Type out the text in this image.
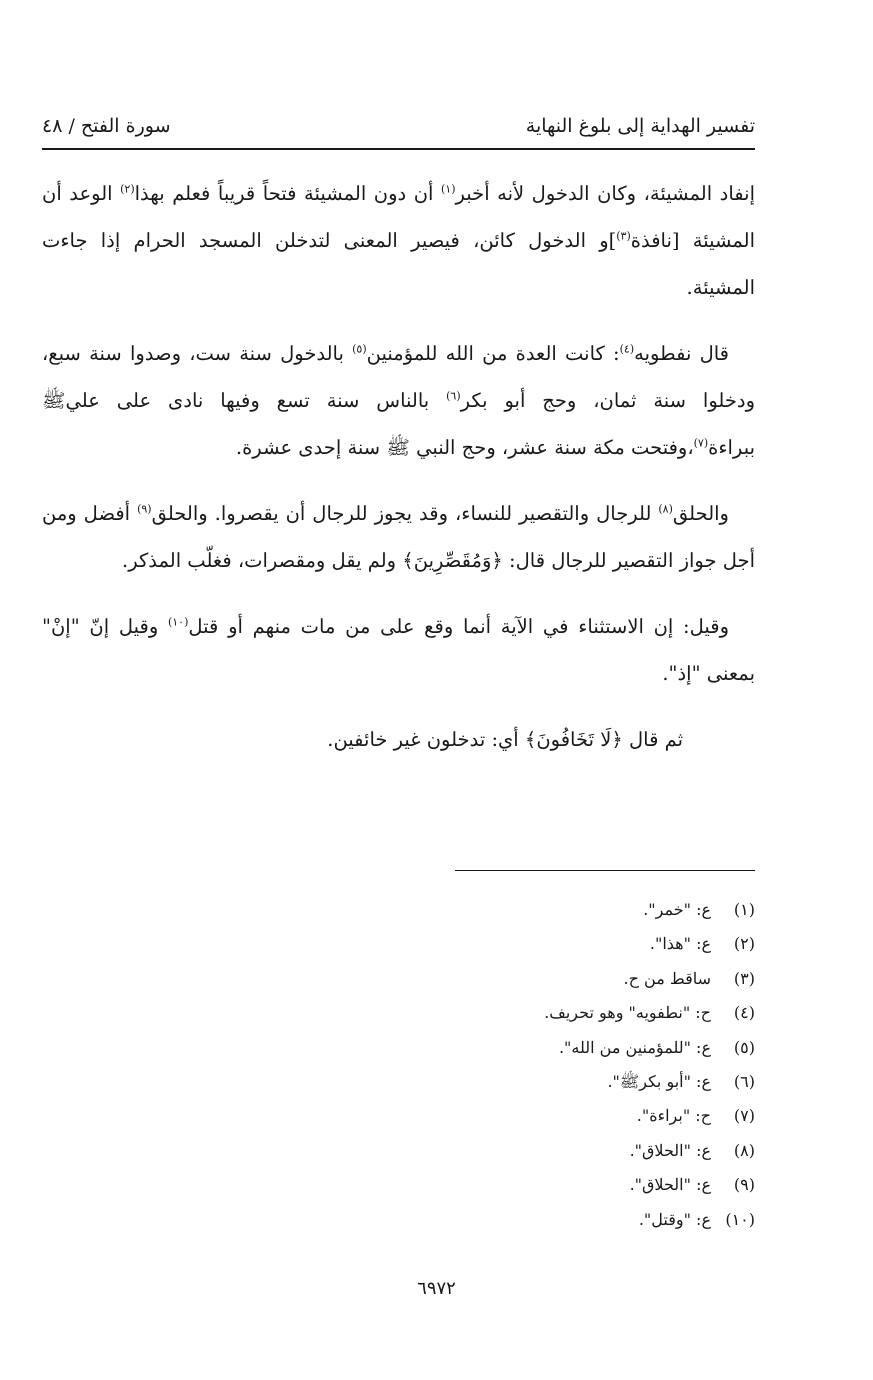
تفسير الهداية إلى بلوغ النهاية
سورة الفتح / ٤٨

إنفاد المشيئة، وكان الدخول لأنه أخبر$^{(١)}$ أن دون المشيئة فتحاً قريباً فعلم بهذا$^{(٢)}$ الوعد أن المشيئة [نافذة$^{(٣)}$]و الدخول كائن، فيصير المعنى لتدخلن المسجد الحرام إذا جاءت المشيئة.

قال نفطويه$^{(٤)}$: كانت العدة من الله للمؤمنين$^{(٥)}$ بالدخول سنة ست، وصدوا سنة سبع، ودخلوا سنة ثمان، وحج أبو بكر$^{(٦)}$ بالناس سنة تسع وفيها نادى على عليﷺ ببراءة$^{(٧)}$،وفتحت مكة سنة عشر، وحج النبي ﷺ سنة إحدى عشرة.

والحلق$^{(٨)}$ للرجال والتقصير للنساء، وقد يجوز للرجال أن يقصروا. والحلق$^{(٩)}$ أفضل ومن أجل جواز التقصير للرجال قال: ﴿وَمُقَصِّرِينَ﴾ ولم يقل ومقصرات، فغلّب المذكر.

وقيل: إن الاستثناء في الآية أنما وقع على من مات منهم أو قتل$^{(١٠)}$ وقيل إنّ "إنْ" بمعنى "إذ".

ثم قال ﴿لَا تَخَافُونَ﴾ أي: تدخلون غير خائفين.

(١)
ع: "خمر".
(٢)
ع: "هذا".
(٣)
ساقط من ح.
(٤)
ح: "نطفويه" وهو تحريف.
(٥)
ع: "للمؤمنين من الله".
(٦)
ع: "أبو بكرﷺ".
(٧)
ح: "براءة".
(٨)
ع: "الحلاق".
(٩)
ع: "الحلاق".
(١٠)
ع: "وقتل".
٦٩٧٢
